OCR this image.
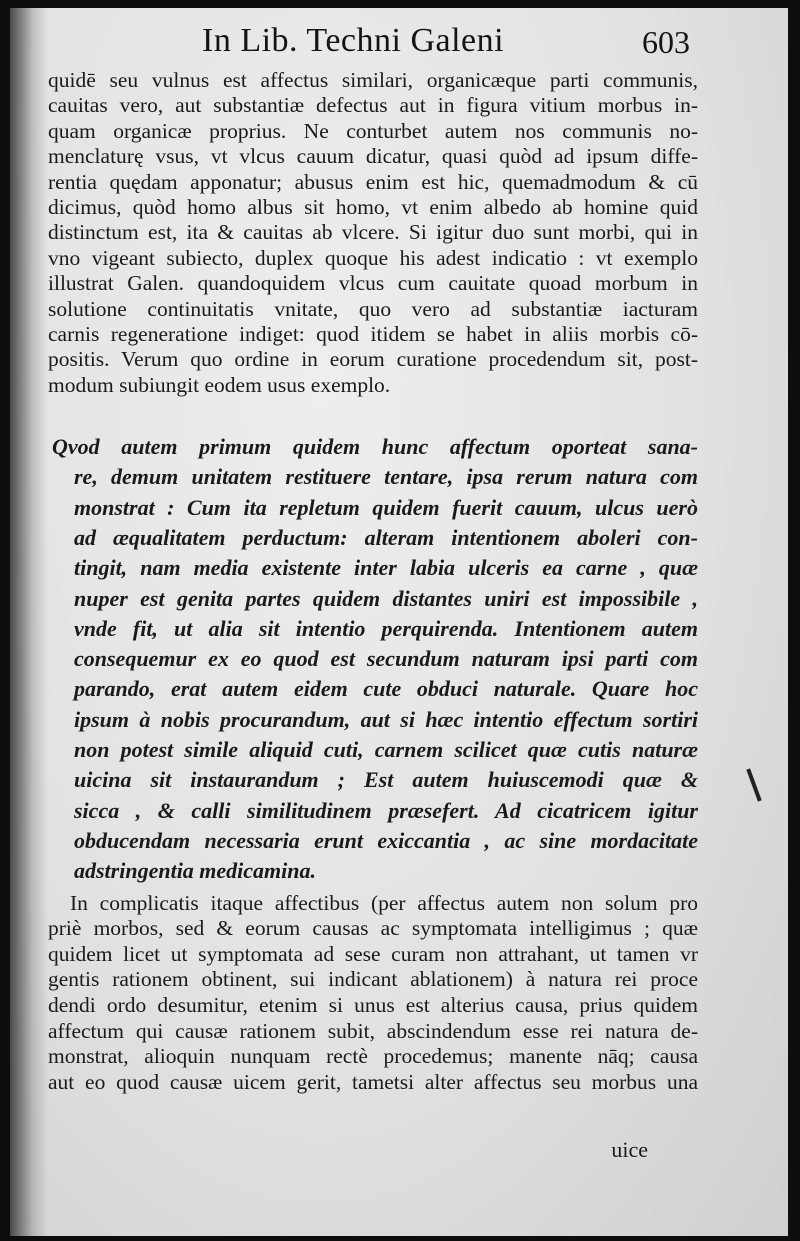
In Lib. Techni Galeni	603
quidē seu vulnus est affectus similari, organicæque parti communis,
cauitas vero, aut substantiæ defectus aut in figura vitium morbus in-
quam organicæ proprius. Ne conturbet autem nos communis no-
menclaturę vsus, vt vlcus cauum dicatur, quasi quòd ad ipsum diffe-
rentia quędam apponatur; abusus enim est hic, quemadmodum & cū
dicimus, quòd homo albus sit homo, vt enim albedo ab homine quid
distinctum est, ita & cauitas ab vlcere. Si igitur duo sunt morbi, qui in
vno vigeant subiecto, duplex quoque his adest indicatio : vt exemplo
illustrat Galen. quandoquidem vlcus cum cauitate quoad morbum in
solutione continuitatis vnitate, quo vero ad substantiæ iacturam
carnis regeneratione indiget: quod itidem se habet in aliis morbis cō-
positis. Verum quo ordine in eorum curatione procedendum sit, post-
modum subiungit eodem usus exemplo.
Qvod autem primum quidem hunc affectum oporteat sana-
re, demum unitatem restituere tentare, ipsa rerum natura com
monstrat : Cum ita repletum quidem fuerit cauum, ulcus uerò
ad æqualitatem perductum: alteram intentionem aboleri con-
tingit, nam media existente inter labia ulceris ea carne , quæ
nuper est genita partes quidem distantes uniri est impossibile ,
vnde fit, ut alia sit intentio perquirenda. Intentionem autem
consequemur ex eo quod est secundum naturam ipsi parti com
parando, erat autem eidem cute obduci naturale. Quare hoc
ipsum à nobis procurandum, aut si hæc intentio effectum sortiri
non potest simile aliquid cuti, carnem scilicet quæ cutis naturæ
uicina sit instaurandum ; Est autem huiuscemodi quæ &
sicca , & calli similitudinem præsefert. Ad cicatricem igitur
obducendam necessaria erunt exiccantia , ac sine mordacitate
adstringentia medicamina.
In complicatis itaque affectibus (per affectus autem non solum pro
priè morbos, sed & eorum causas ac symptomata intelligimus ; quæ
quidem licet ut symptomata ad sese curam non attrahant, ut tamen vr
gentis rationem obtinent, sui indicant ablationem) à natura rei proce
dendi ordo desumitur, etenim si unus est alterius causa, prius quidem
affectum qui causæ rationem subit, abscindendum esse rei natura de-
monstrat, alioquin nunquam rectè procedemus; manente nāq; causa
aut eo quod causæ uicem gerit, tametsi alter affectus seu morbus una
uice
